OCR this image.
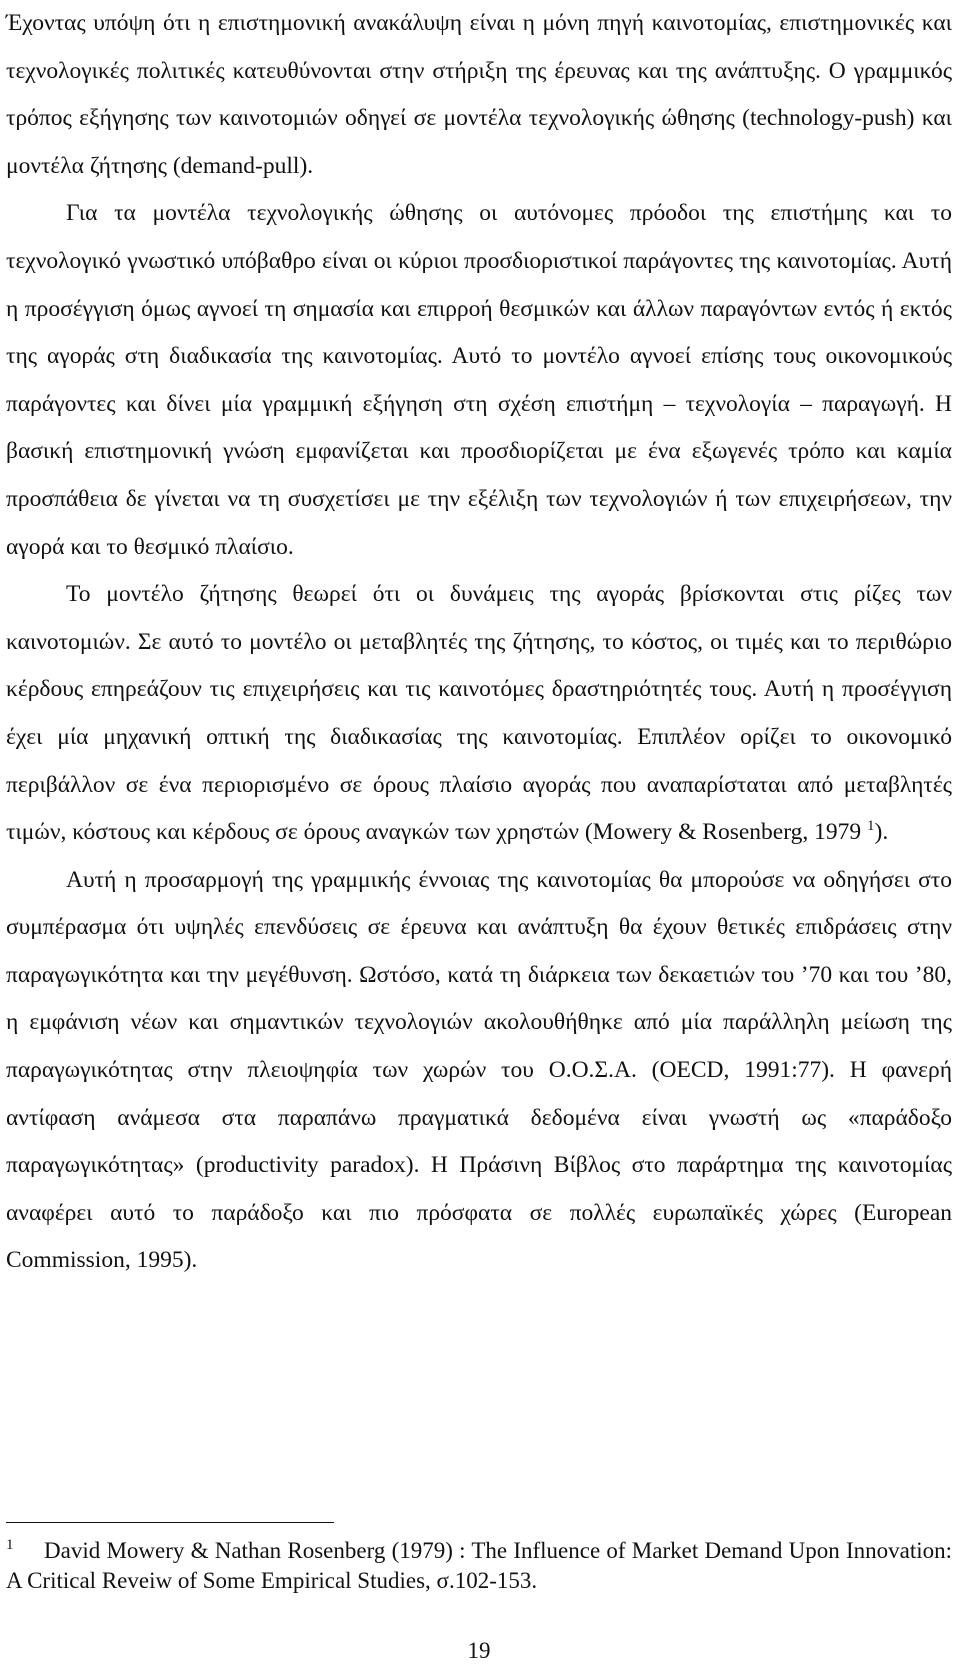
Έχοντας υπόψη ότι η επιστημονική ανακάλυψη είναι η μόνη πηγή καινοτομίας, επιστημονικές και τεχνολογικές πολιτικές κατευθύνονται στην στήριξη της έρευνας και της ανάπτυξης. Ο γραμμικός τρόπος εξήγησης των καινοτομιών οδηγεί σε μοντέλα τεχνολογικής ώθησης (technology-push) και μοντέλα ζήτησης (demand-pull).

Για τα μοντέλα τεχνολογικής ώθησης οι αυτόνομες πρόοδοι της επιστήμης και το τεχνολογικό γνωστικό υπόβαθρο είναι οι κύριοι προσδιοριστικοί παράγοντες της καινοτομίας. Αυτή η προσέγγιση όμως αγνοεί τη σημασία και επιρροή θεσμικών και άλλων παραγόντων εντός ή εκτός της αγοράς στη διαδικασία της καινοτομίας. Αυτό το μοντέλο αγνοεί επίσης τους οικονομικούς παράγοντες και δίνει μία γραμμική εξήγηση στη σχέση επιστήμη – τεχνολογία – παραγωγή. Η βασική επιστημονική γνώση εμφανίζεται και προσδιορίζεται με ένα εξωγενές τρόπο και καμία προσπάθεια δε γίνεται να τη συσχετίσει με την εξέλιξη των τεχνολογιών ή των επιχειρήσεων, την αγορά και το θεσμικό πλαίσιο.

Το μοντέλο ζήτησης θεωρεί ότι οι δυνάμεις της αγοράς βρίσκονται στις ρίζες των καινοτομιών. Σε αυτό το μοντέλο οι μεταβλητές της ζήτησης, το κόστος, οι τιμές και το περιθώριο κέρδους επηρεάζουν τις επιχειρήσεις και τις καινοτόμες δραστηριότητές τους. Αυτή η προσέγγιση έχει μία μηχανική οπτική της διαδικασίας της καινοτομίας. Επιπλέον ορίζει το οικονομικό περιβάλλον σε ένα περιορισμένο σε όρους πλαίσιο αγοράς που αναπαρίσταται από μεταβλητές τιμών, κόστους και κέρδους σε όρους αναγκών των χρηστών (Mowery & Rosenberg, 1979 $^1$).

Αυτή η προσαρμογή της γραμμικής έννοιας της καινοτομίας θα μπορούσε να οδηγήσει στο συμπέρασμα ότι υψηλές επενδύσεις σε έρευνα και ανάπτυξη θα έχουν θετικές επιδράσεις στην παραγωγικότητα και την μεγέθυνση. Ωστόσο, κατά τη διάρκεια των δεκαετιών του ’70 και του ’80, η εμφάνιση νέων και σημαντικών τεχνολογιών ακολουθήθηκε από μία παράλληλη μείωση της παραγωγικότητας στην πλειοψηφία των χωρών του Ο.Ο.Σ.Α. (OECD, 1991:77). Η φανερή αντίφαση ανάμεσα στα παραπάνω πραγματικά δεδομένα είναι γνωστή ως «παράδοξο παραγωγικότητας» (productivity paradox). Η Πράσινη Βίβλος στο παράρτημα της καινοτομίας αναφέρει αυτό το παράδοξο και πιο πρόσφατα σε πολλές ευρωπαϊκές χώρες (European Commission, 1995).

1 David Mowery & Nathan Rosenberg (1979) : The Influence of Market Demand Upon Innovation: A Critical Reveiw of Some Empirical Studies, σ.102-153.
19
